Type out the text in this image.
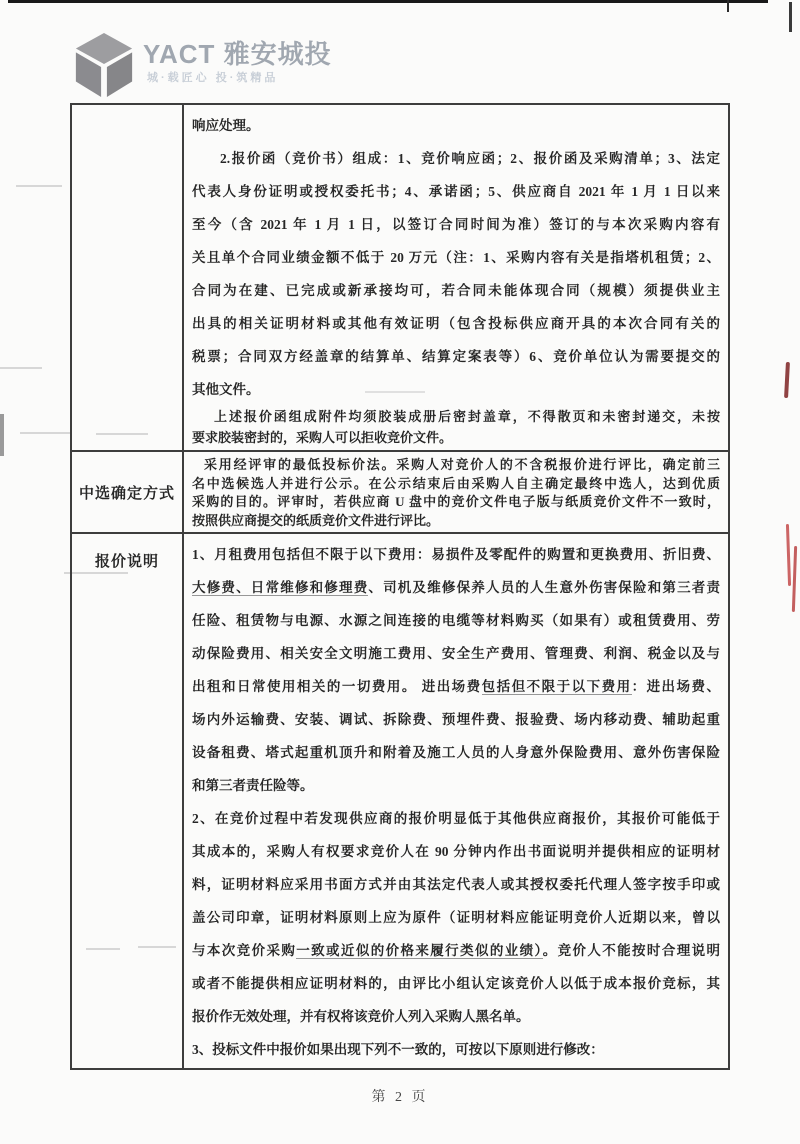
YACT 雅安城投
城·载匠心 投·筑精品
响应处理。
2.报价函（竞价书）组成：1、竞价响应函；2、报价函及采购清单；3、法定
代表人身份证明或授权委托书；4、承诺函；5、供应商自 2021 年 1 月 1 日以来
至今（含 2021 年 1 月 1 日，以签订合同时间为准）签订的与本次采购内容有
关且单个合同业绩金额不低于 20 万元（注：1、采购内容有关是指塔机租赁；2、
合同为在建、已完成或新承接均可，若合同未能体现合同（规模）须提供业主
出具的相关证明材料或其他有效证明（包含投标供应商开具的本次合同有关的
税票；合同双方经盖章的结算单、结算定案表等）6、竞价单位认为需要提交的
其他文件。
上述报价函组成附件均须胶装成册后密封盖章，不得散页和未密封递交，未按
要求胶装密封的，采购人可以拒收竞价文件。
中选确定方式
采用经评审的最低投标价法。采购人对竞价人的不含税报价进行评比，确定前三
名中选候选人并进行公示。在公示结束后由采购人自主确定最终中选人，达到优质
采购的目的。评审时，若供应商 U 盘中的竞价文件电子版与纸质竞价文件不一致时，
按照供应商提交的纸质竞价文件进行评比。
报价说明	1、月租费用包括但不限于以下费用：易损件及零配件的购置和更换费用、折旧费、
大修费、日常维修和修理费、司机及维修保养人员的人生意外伤害保险和第三者责
任险、租赁物与电源、水源之间连接的电缆等材料购买（如果有）或租赁费用、劳
动保险费用、相关安全文明施工费用、安全生产费用、管理费、利润、税金以及与
出租和日常使用相关的一切费用。 进出场费包括但不限于以下费用：进出场费、
场内外运输费、安装、调试、拆除费、预埋件费、报验费、场内移动费、辅助起重
设备租费、塔式起重机顶升和附着及施工人员的人身意外保险费用、意外伤害保险
和第三者责任险等。
2、在竞价过程中若发现供应商的报价明显低于其他供应商报价，其报价可能低于
其成本的，采购人有权要求竞价人在 90 分钟内作出书面说明并提供相应的证明材
料，证明材料应采用书面方式并由其法定代表人或其授权委托代理人签字按手印或
盖公司印章，证明材料原则上应为原件（证明材料应能证明竞价人近期以来，曾以
与本次竞价采购一致或近似的价格来履行类似的业绩）。竞价人不能按时合理说明
或者不能提供相应证明材料的，由评比小组认定该竞价人以低于成本报价竞标，其
报价作无效处理，并有权将该竞价人列入采购人黑名单。
3、投标文件中报价如果出现下列不一致的，可按以下原则进行修改：
第 2 页
